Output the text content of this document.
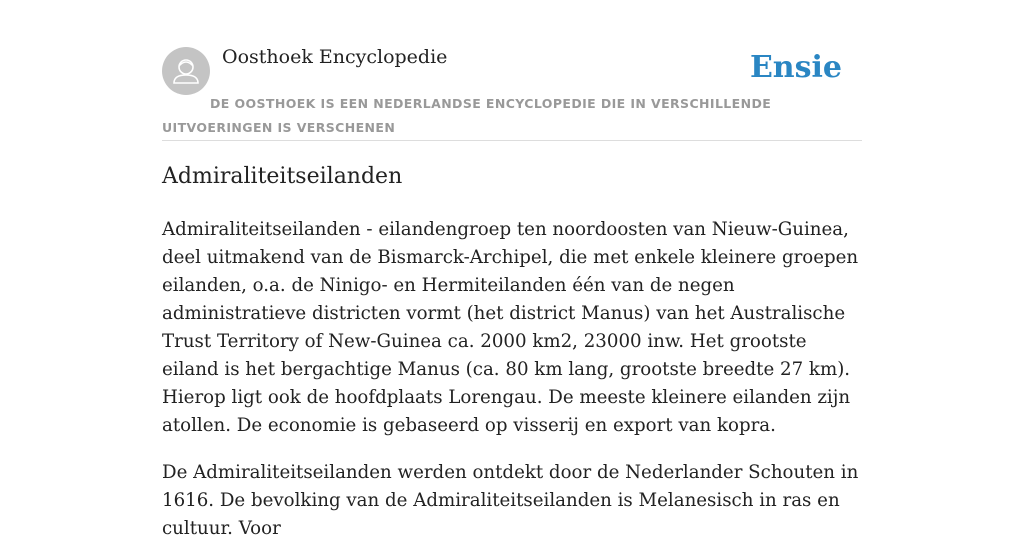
Oosthoek Encyclopedie	Ensie
DE OOSTHOEK IS EEN NEDERLANDSE ENCYCLOPEDIE DIE IN VERSCHILLENDE UITVOERINGEN IS VERSCHENEN
Admiraliteitseilanden

Admiraliteitseilanden - eilandengroep ten noordoosten van Nieuw-Guinea, deel uitmakend van de Bismarck-Archipel, die met enkele kleinere groepen eilanden, o.a. de Ninigo- en Hermiteilanden één van de negen administratieve districten vormt (het district Manus) van het Australische Trust Territory of New-Guinea ca. 2000 km2, 23000 inw. Het grootste eiland is het bergachtige Manus (ca. 80 km lang, grootste breedte 27 km). Hierop ligt ook de hoofdplaats Lorengau. De meeste kleinere eilanden zijn atollen. De economie is gebaseerd op visserij en export van kopra.

De Admiraliteitseilanden werden ontdekt door de Nederlander Schouten in 1616. De bevolking van de Admiraliteitseilanden is Melanesisch in ras en cultuur. Voor
